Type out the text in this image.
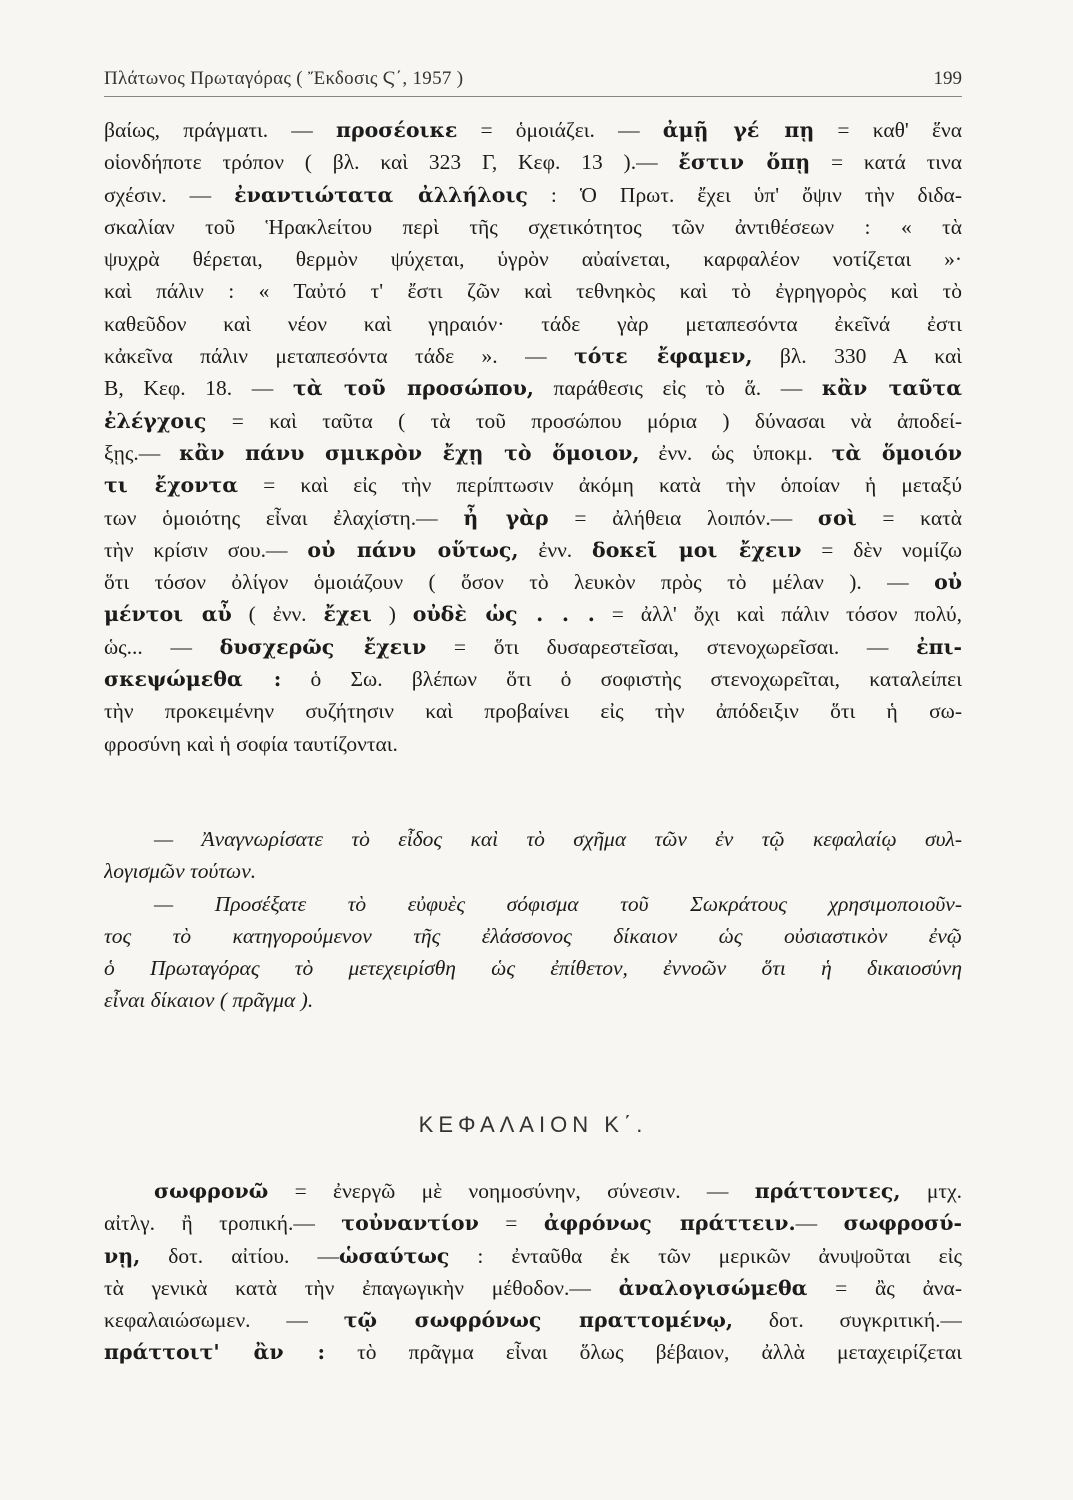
Πλάτωνος Πρωταγόρας ( Ἔκδοσις Ϛ΄, 1957 )	199
βαίως, πράγματι. — προσέοικε = ὁμοιάζει. — ἀμῇ γέ πῃ = καθ' ἕνα
οἱονδήποτε τρόπον ( βλ. καὶ 323 Γ, Κεφ. 13 ).— ἔστιν ὅπῃ = κατά τινα
σχέσιν. — ἐναντιώτατα ἀλλήλοις : Ὁ Πρωτ. ἔχει ὑπ' ὄψιν τὴν διδα-
σκαλίαν τοῦ Ἡρακλείτου περὶ τῆς σχετικότητος τῶν ἀντιθέσεων : « τὰ
ψυχρὰ θέρεται, θερμὸν ψύχεται, ὑγρὸν αὐαίνεται, καρφαλέον νοτίζεται »·
καὶ πάλιν : « Ταὐτό τ' ἔστι ζῶν καὶ τεθνηκὸς καὶ τὸ ἐγρηγορὸς καὶ τὸ
καθεῦδον καὶ νέον καὶ γηραιόν· τάδε γὰρ μεταπεσόντα ἐκεῖνά ἐστι
κἀκεῖνα πάλιν μεταπεσόντα τάδε ». — τότε ἔφαμεν, βλ. 330 Α καὶ
Β, Κεφ. 18. — τὰ τοῦ προσώπου, παράθεσις εἰς τὸ ἅ. — κἂν ταῦτα
ἐλέγχοις = καὶ ταῦτα ( τὰ τοῦ προσώπου μόρια ) δύνασαι νὰ ἀποδεί-
ξῃς.— κἂν πάνυ σμικρὸν ἔχῃ τὸ ὅμοιον, ἐνν. ὡς ὑποκμ. τὰ ὅμοιόν
τι ἔχοντα = καὶ εἰς τὴν περίπτωσιν ἀκόμη κατὰ τὴν ὁποίαν ἡ μεταξύ
των ὁμοιότης εἶναι ἐλαχίστη.— ἦ γὰρ = ἀλήθεια λοιπόν.— σοὶ = κατὰ
τὴν κρίσιν σου.— οὐ πάνυ οὕτως, ἐνν. δοκεῖ μοι ἔχειν = δὲν νομίζω
ὅτι τόσον ὀλίγον ὁμοιάζουν ( ὅσον τὸ λευκὸν πρὸς τὸ μέλαν ). — οὐ
μέντοι αὖ ( ἐνν. ἔχει ) οὐδὲ ὡς . . . = ἀλλ' ὄχι καὶ πάλιν τόσον πολύ,
ὡς... — δυσχερῶς ἔχειν = ὅτι δυσαρεστεῖσαι, στενοχωρεῖσαι. — ἐπι-
σκεψώμεθα : ὁ Σω. βλέπων ὅτι ὁ σοφιστὴς στενοχωρεῖται, καταλείπει
τὴν προκειμένην συζήτησιν καὶ προβαίνει εἰς τὴν ἀπόδειξιν ὅτι ἡ σω-
φροσύνη καὶ ἡ σοφία ταυτίζονται.
— Ἀναγνωρίσατε τὸ εἶδος καὶ τὸ σχῆμα τῶν ἐν τῷ κεφαλαίῳ συλ-
λογισμῶν τούτων.
— Προσέξατε τὸ εὐφυὲς σόφισμα τοῦ Σωκράτους χρησιμοποιοῦν-
τος τὸ κατηγορούμενον τῆς ἐλάσσονος δίκαιον ὡς οὐσιαστικὸν ἐνῷ
ὁ Πρωταγόρας τὸ μετεχειρίσθη ὡς ἐπίθετον, ἐννοῶν ὅτι ἡ δικαιοσύνη
εἶναι δίκαιον ( πρᾶγμα ).
ΚΕΦΑΛΑΙΟΝ Κ΄.
σωφρονῶ = ἐνεργῶ μὲ νοημοσύνην, σύνεσιν. — πράττοντες, μτχ.
αἰτλγ. ἢ τροπική.— τοὐναντίον = ἀφρόνως πράττειν.— σωφροσύ-
νῃ, δοτ. αἰτίου. —ὡσαύτως : ἐνταῦθα ἐκ τῶν μερικῶν ἀνυψοῦται εἰς
τὰ γενικὰ κατὰ τὴν ἐπαγωγικὴν μέθοδον.— ἀναλογισώμεθα = ἂς ἀνα-
κεφαλαιώσωμεν. — τῷ σωφρόνως πραττομένῳ, δοτ. συγκριτική.—
πράττοιτ' ἂν : τὸ πρᾶγμα εἶναι ὅλως βέβαιον, ἀλλὰ μεταχειρίζεται
